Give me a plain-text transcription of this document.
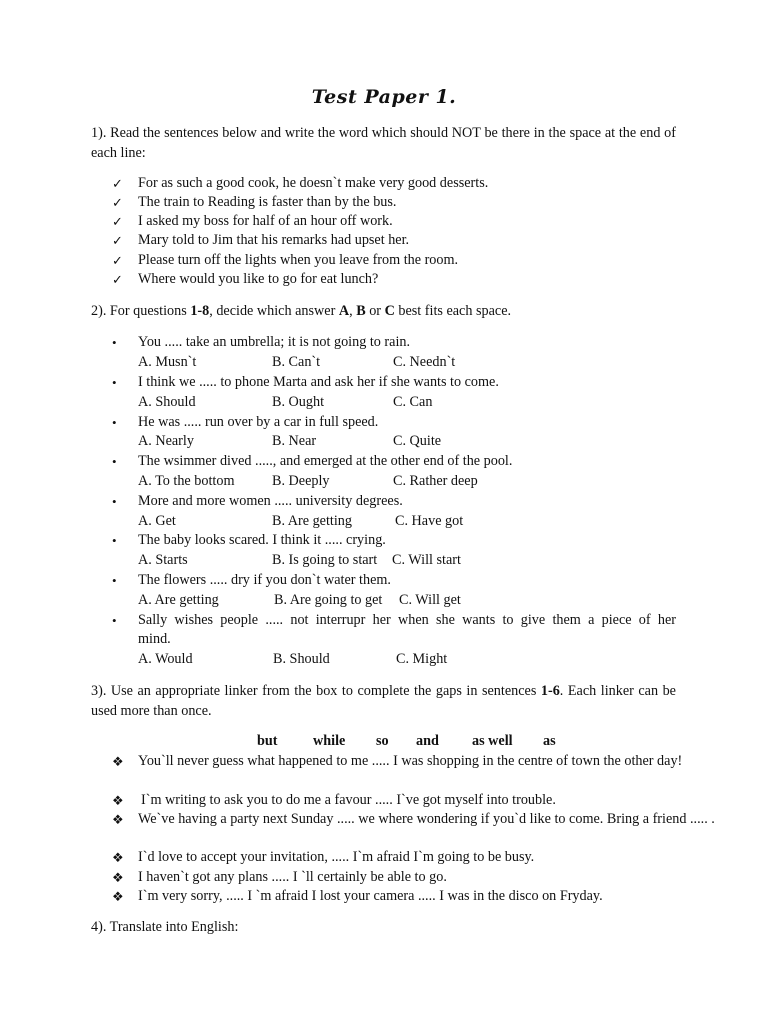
Test Paper 1.
1). Read the sentences below and write the word which should NOT be there in the space at the end of each line:
✓ For as such a good cook, he doesn`t make very good desserts.
✓ The train to Reading is faster than by the bus.
✓ I asked my boss for half of an hour off work.
✓ Mary told to Jim that his remarks had upset her.
✓ Please turn off the lights when you leave from the room.
✓ Where would you like to go for eat lunch?
2). For questions 1-8, decide which answer A, B or C best fits each space.
• You ..... take an umbrella; it is not going to rain.
A. Musn`t	B. Can`t	C. Needn`t
• I think we ..... to phone Marta and ask her if she wants to come.
A. Should	B. Ought	C. Can
• He was ..... run over by a car in full speed.
A. Nearly	B. Near	C. Quite
• The wsimmer dived ....., and emerged at the other end of the pool.
A. To the bottom	B. Deeply	C. Rather deep
• More and more women ..... university degrees.
A. Get	B. Are getting	C. Have got
• The baby looks scared. I think it ..... crying.
A. Starts	B. Is going to start C. Will start
• The flowers ..... dry if you don`t water them.
A. Are getting	B. Are going to get C. Will get
• Sally wishes people ..... not interrupr her when she wants to give them a piece of her
mind.
A. Would	B. Should	C. Might
3). Use an appropriate linker from the box to complete the gaps in sentences 1-6. Each linker can be used more than once.
but while so and as well as
❖ You`ll never guess what happened to me ..... I was shopping in the centre of town the other day!
❖ I`m writing to ask you to do me a favour ..... I`ve got myself into trouble.
❖ We`ve having a party next Sunday ..... we where wondering if you`d like to come. Bring a friend ..... .
❖ I`d love to accept your invitation, ..... I`m afraid I`m going to be busy.
❖ I haven`t got any plans ..... I `ll certainly be able to go.
❖ I`m very sorry, ..... I `m afraid I lost your camera ..... I was in the disco on Fryday.
4). Translate into English:
